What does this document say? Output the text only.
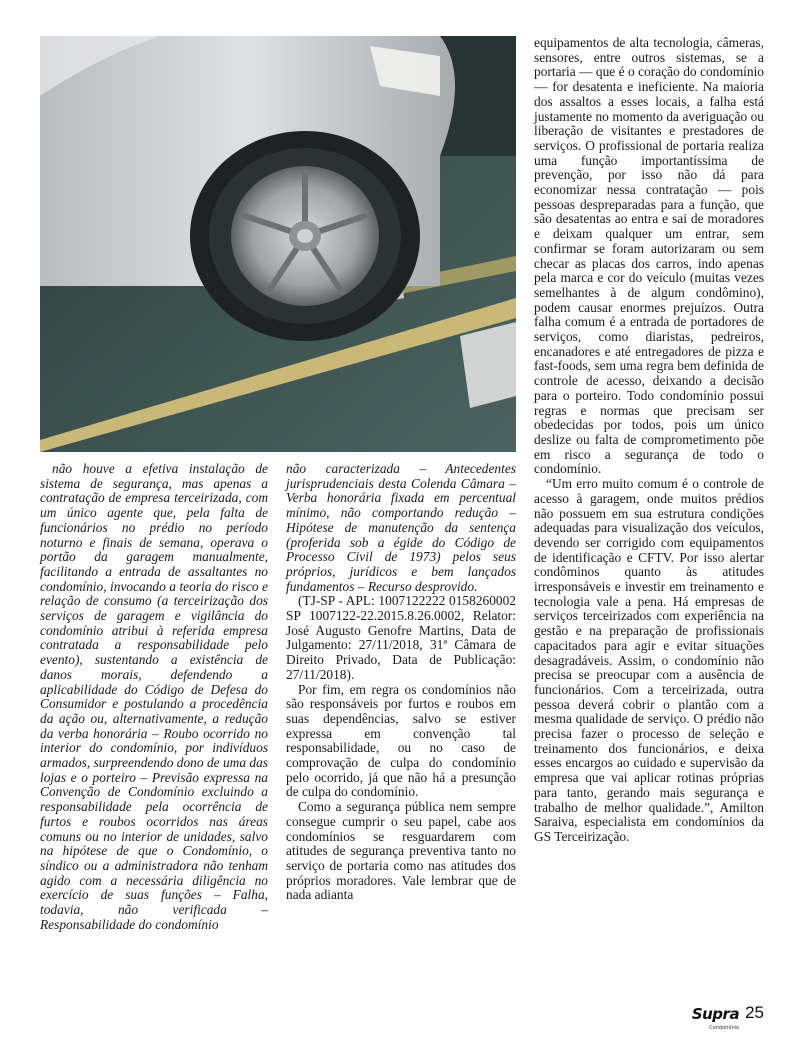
não houve a efetiva instalação de sistema de segurança, mas apenas a contratação de empresa terceirizada, com um único agente que, pela falta de funcionários no prédio no período noturno e finais de semana, operava o portão da garagem manualmente, facilitando a entrada de assaltantes no condomínio, invocando a teoria do risco e relação de consumo (a terceirização dos serviços de garagem e vigilância do condomínio atribui à referida empresa contratada a responsabilidade pelo evento), sustentando a existência de danos morais, defendendo a aplicabilidade do Código de Defesa do Consumidor e postulando a procedência da ação ou, alternativamente, a redução da verba honorária – Roubo ocorrido no interior do condomínio, por indivíduos armados, surpreendendo dono de uma das lojas e o porteiro – Previsão expressa na Convenção de Condomínio excluindo a responsabilidade pela ocorrência de furtos e roubos ocorridos nas áreas comuns ou no interior de unidades, salvo na hipótese de que o Condomínio, o síndico ou a administradora não tenham agido com a necessária diligência no exercício de suas funções – Falha, todavia, não verificada – Responsabilidade do condomínio

não caracterizada – Antecedentes jurisprudenciais desta Colenda Câmara – Verba honorária fixada em percentual mínimo, não comportando redução – Hipótese de manutenção da sentença (proferida sob a égide do Código de Processo Civil de 1973) pelos seus próprios, jurídicos e bem lançados fundamentos – Recurso desprovido.

(TJ-SP - APL: 1007122222 0158260002 SP 1007122-22.2015.8.26.0002, Relator: José Augusto Genofre Martins, Data de Julgamento: 27/11/2018, 31ª Câmara de Direito Privado, Data de Publicação: 27/11/2018).

Por fim, em regra os condomínios não são responsáveis por furtos e roubos em suas dependências, salvo se estiver expressa em convenção tal responsabilidade, ou no caso de comprovação de culpa do condomínio pelo ocorrido, já que não há a presunção de culpa do condomínio.

Como a segurança pública nem sempre consegue cumprir o seu papel, cabe aos condomínios se resguardarem com atitudes de segurança preventiva tanto no serviço de portaria como nas atitudes dos próprios moradores. Vale lembrar que de nada adianta

equipamentos de alta tecnologia, câmeras, sensores, entre outros sistemas, se a portaria — que é o coração do condomínio — for desatenta e ineficiente. Na maioria dos assaltos a esses locais, a falha está justamente no momento da averiguação ou liberação de visitantes e prestadores de serviços. O profissional de portaria realiza uma função importantíssima de prevenção, por isso não dá para economizar nessa contratação — pois pessoas despreparadas para a função, que são desatentas ao entra e sai de moradores e deixam qualquer um entrar, sem confirmar se foram autorizaram ou sem checar as placas dos carros, indo apenas pela marca e cor do veículo (muitas vezes semelhantes à de algum condômino), podem causar enormes prejuízos. Outra falha comum é a entrada de portadores de serviços, como diaristas, pedreiros, encanadores e até entregadores de pizza e fast-foods, sem uma regra bem definida de controle de acesso, deixando a decisão para o porteiro. Todo condomínio possui regras e normas que precisam ser obedecidas por todos, pois um único deslize ou falta de comprometimento põe em risco a segurança de todo o condomínio.

“Um erro muito comum é o controle de acesso à garagem, onde muitos prédios não possuem em sua estrutura condições adequadas para visualização dos veículos, devendo ser corrigido com equipamentos de identificação e CFTV. Por isso alertar condôminos quanto às atitudes irresponsáveis e investir em treinamento e tecnologia vale a pena. Há empresas de serviços terceirizados com experiência na gestão e na preparação de profissionais capacitados para agir e evitar situações desagradáveis. Assim, o condomínio não precisa se preocupar com a ausência de funcionários. Com a terceirizada, outra pessoa deverá cobrir o plantão com a mesma qualidade de serviço. O prédio não precisa fazer o processo de seleção e treinamento dos funcionários, e deixa esses encargos ao cuidado e supervisão da empresa que vai aplicar rotinas próprias para tanto, gerando mais segurança e trabalho de melhor qualidade.”, Amilton Saraiva, especialista em condomínios da GS Terceirização.

Supra
Condomínio
25
